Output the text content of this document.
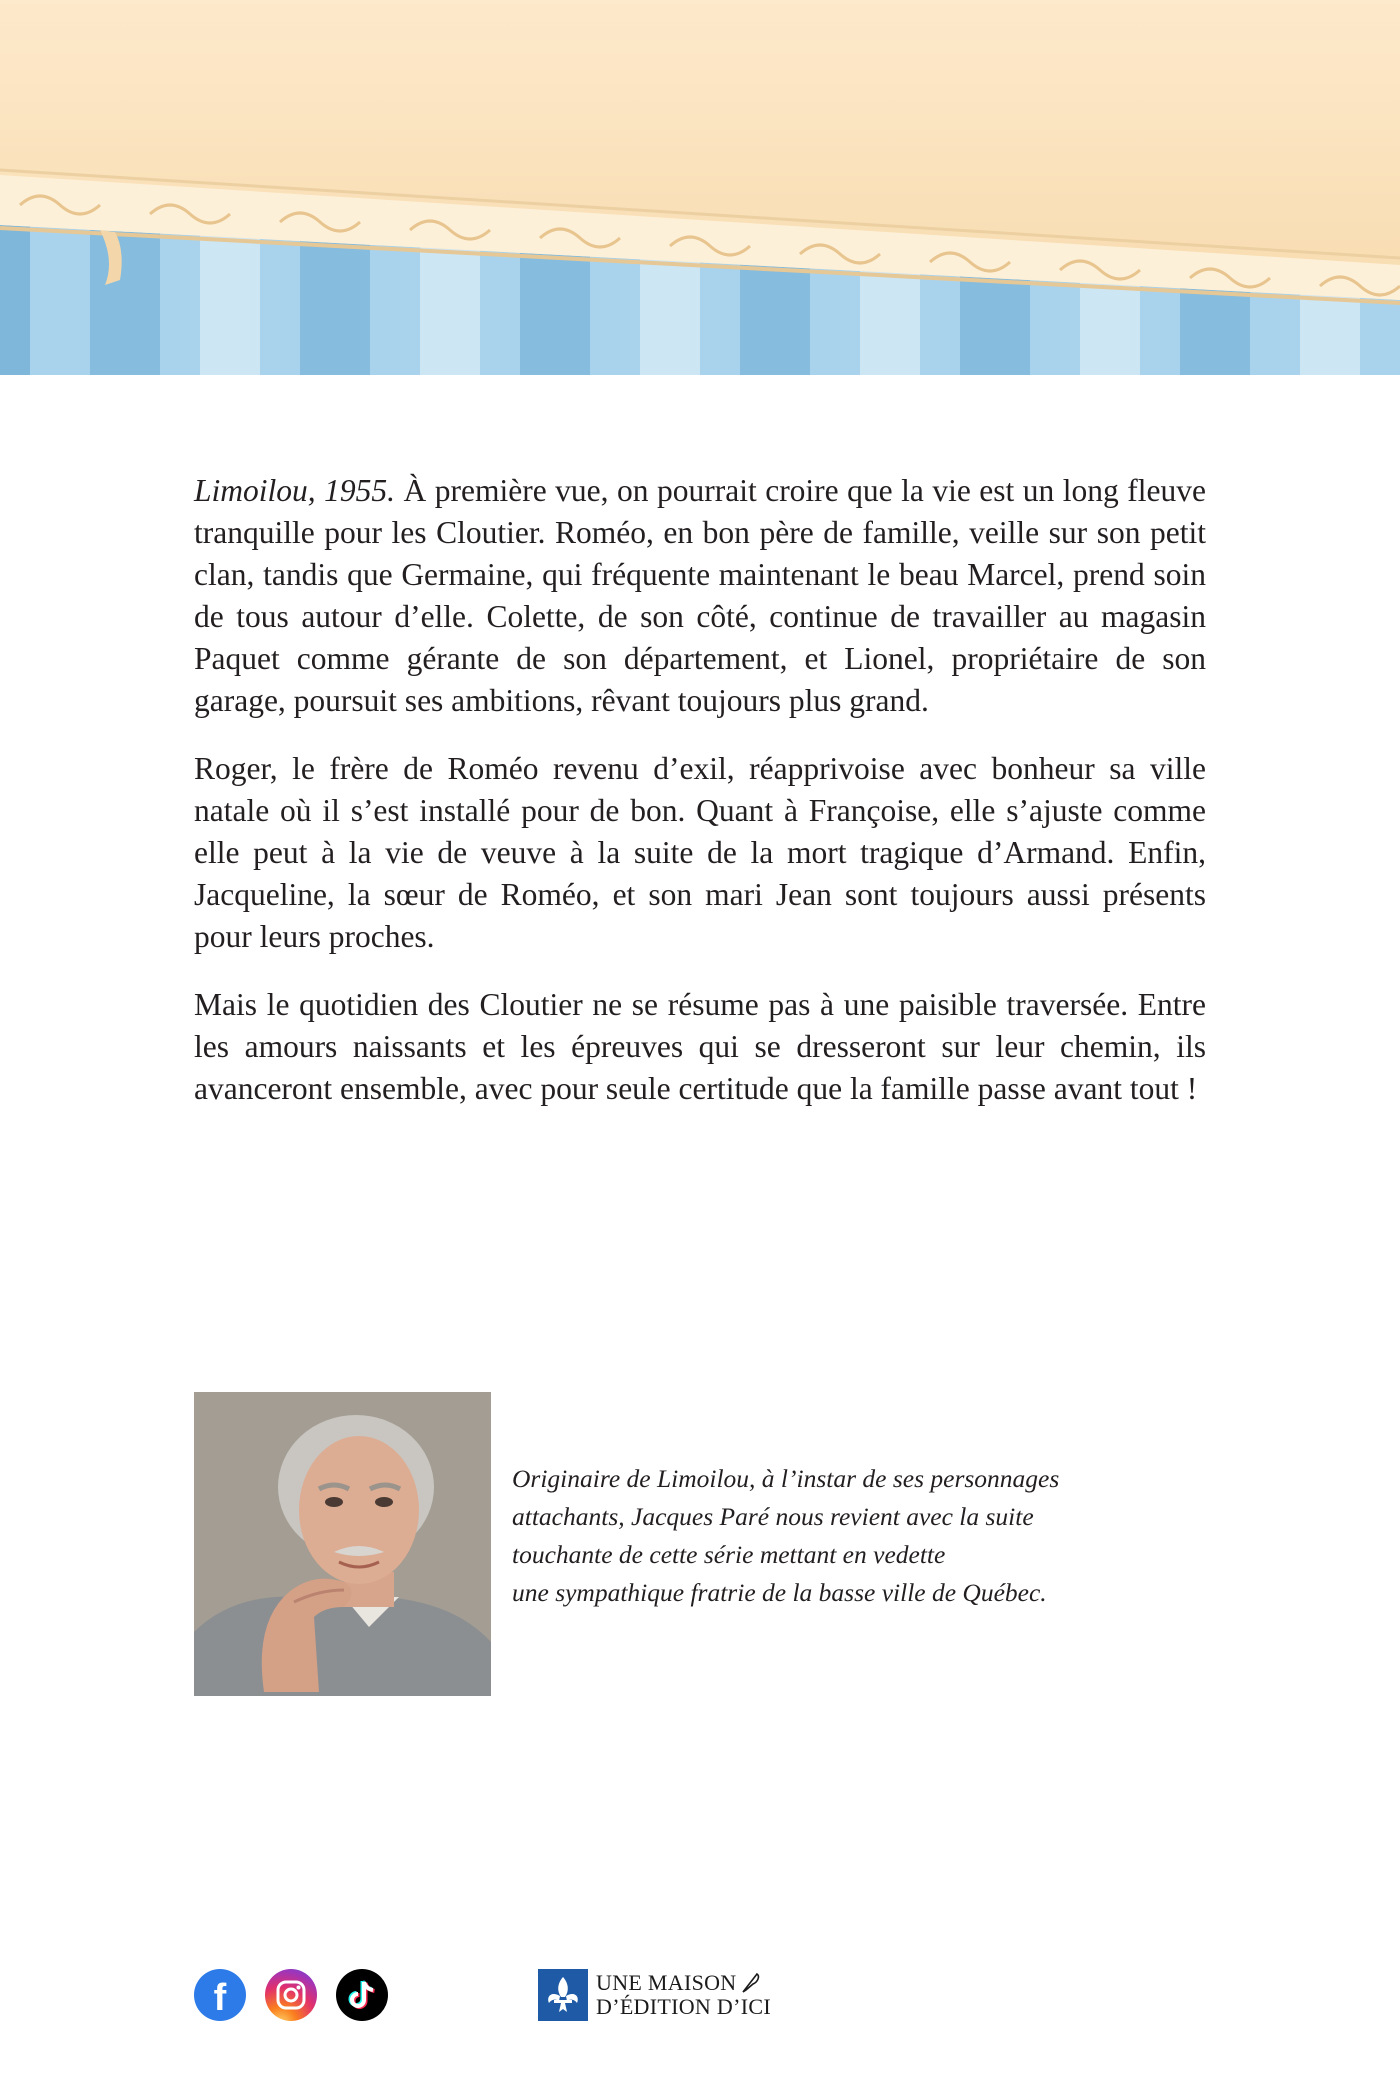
Limoilou, 1955. À première vue, on pourrait croire que la vie est un long fleuve tranquille pour les Cloutier. Roméo, en bon père de famille, veille sur son petit clan, tandis que Germaine, qui fréquente maintenant le beau Marcel, prend soin de tous autour d’elle. Colette, de son côté, continue de travailler au magasin Paquet comme gérante de son département, et Lionel, propriétaire de son garage, poursuit ses ambitions, rêvant toujours plus grand.

Roger, le frère de Roméo revenu d’exil, réapprivoise avec bonheur sa ville natale où il s’est installé pour de bon. Quant à Françoise, elle s’ajuste comme elle peut à la vie de veuve à la suite de la mort tragique d’Armand. Enfin, Jacqueline, la sœur de Roméo, et son mari Jean sont toujours aussi présents pour leurs proches.

Mais le quotidien des Cloutier ne se résume pas à une paisible traversée. Entre les amours naissants et les épreuves qui se dresseront sur leur chemin, ils avanceront ensemble, avec pour seule certitude que la famille passe avant tout !

Originaire de Limoilou, à l’instar de ses personnages
attachants, Jacques Paré nous revient avec la suite
touchante de cette série mettant en vedette
une sympathique fratrie de la basse ville de Québec.
f	UNE MAISON
D’ÉDITION D’ICI
